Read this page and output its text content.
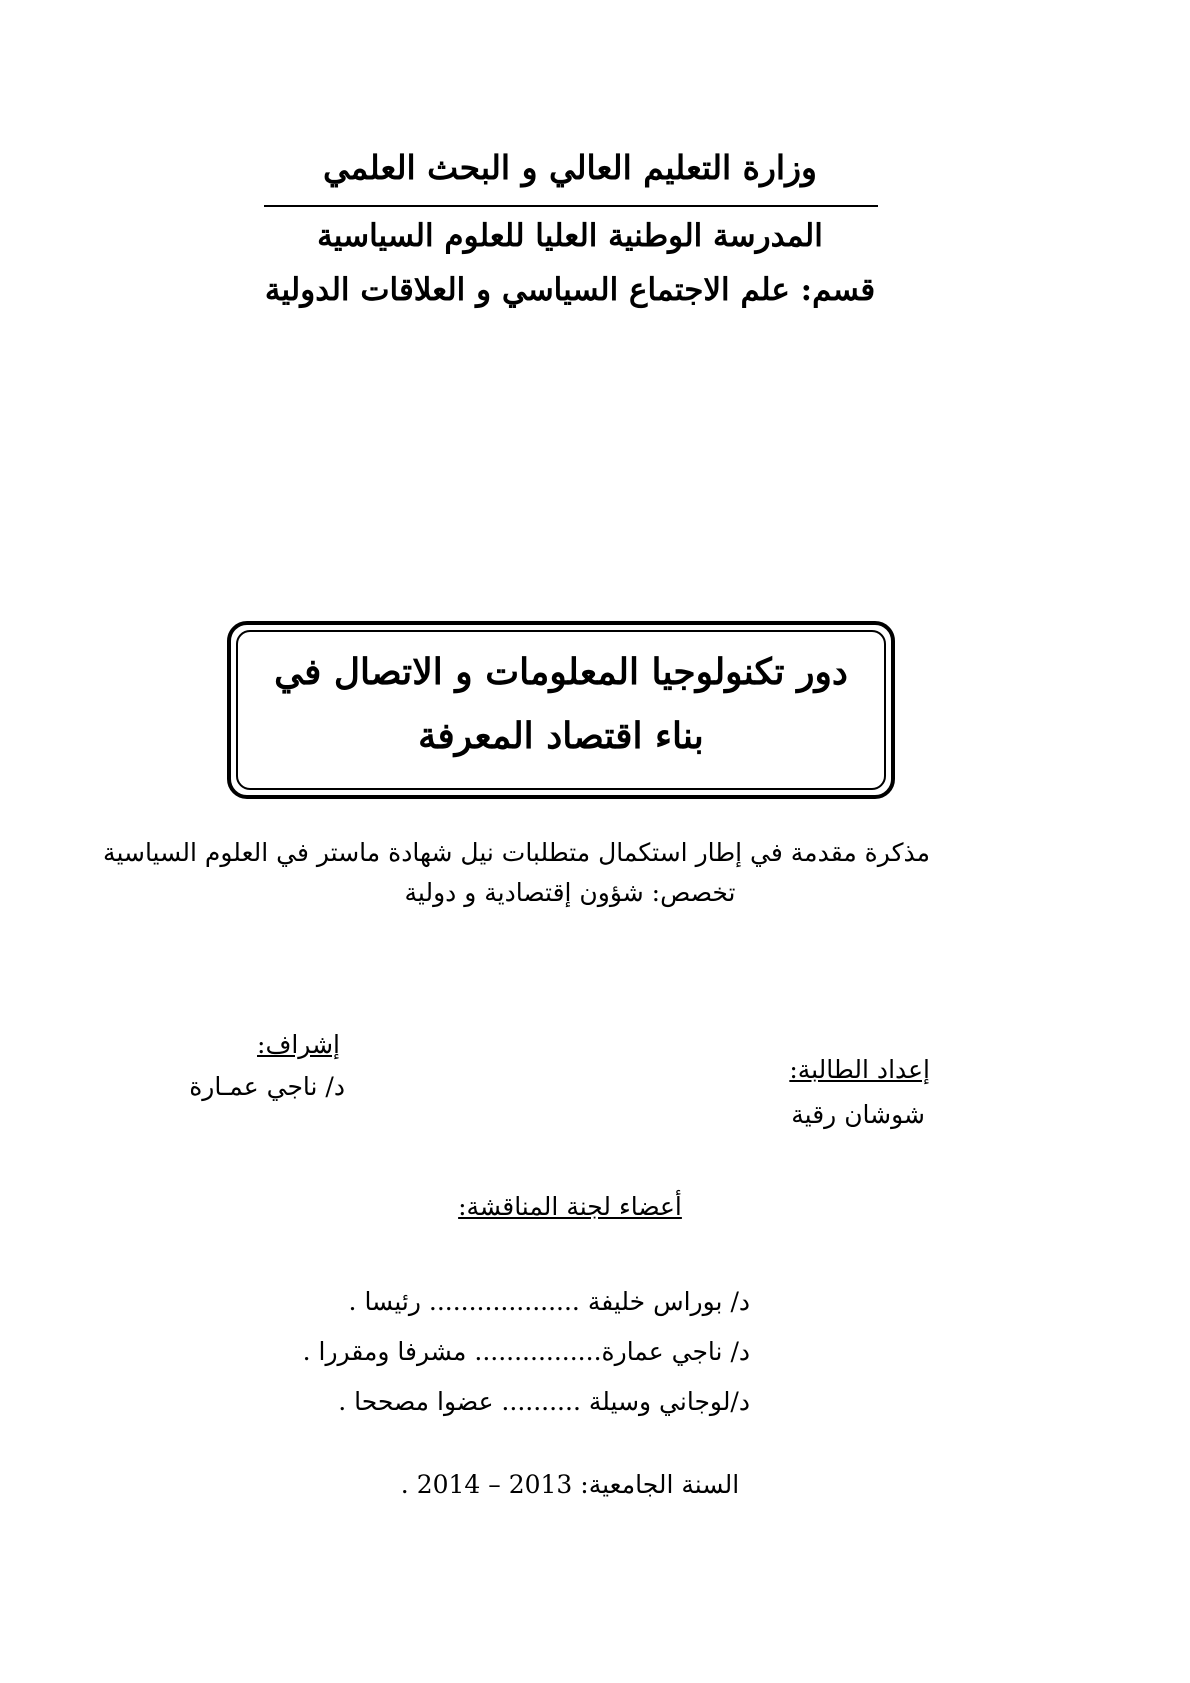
وزارة التعليم العالي و البحث العلمي
المدرسة الوطنية العليا للعلوم السياسية
قسم: علم الاجتماع السياسي و العلاقات الدولية
دور تكنولوجيا المعلومات و الاتصال في بناء اقتصاد المعرفة
مذكرة مقدمة في إطار استكمال متطلبات نيل شهادة ماستر في العلوم السياسية
تخصص: شؤون إقتصادية و دولية
إشراف:
د/ ناجي عمـارة
إعداد الطالبة:
شوشان رقية
أعضاء لجنة المناقشة:
د/ بوراس خليفة ................... رئيسا .
د/ ناجي عمارة................ مشرفا ومقررا .
د/لوجاني وسيلة .......... عضوا مصححا .
السنة الجامعية: 2013 – 2014 .
